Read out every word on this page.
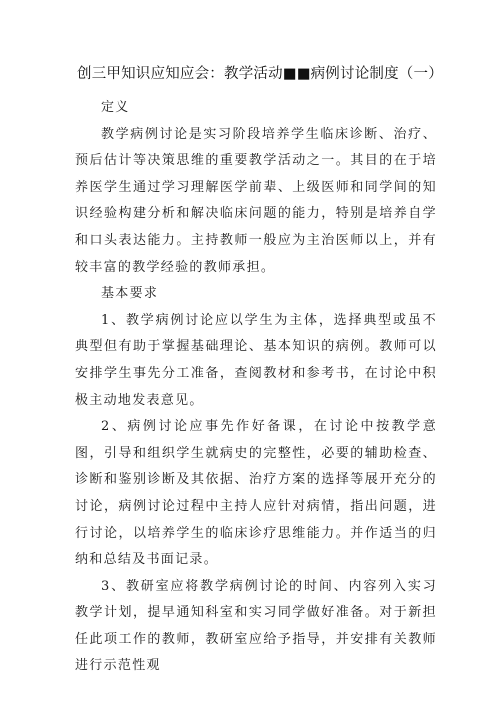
创三甲知识应知应会：教学活动■■病例讨论制度（一）

定义

教学病例讨论是实习阶段培养学生临床诊断、治疗、预后估计等决策思维的重要教学活动之一。其目的在于培养医学生通过学习理解医学前辈、上级医师和同学间的知识经验构建分析和解决临床问题的能力，特别是培养自学和口头表达能力。主持教师一般应为主治医师以上，并有较丰富的教学经验的教师承担。

基本要求

1、教学病例讨论应以学生为主体，选择典型或虽不典型但有助于掌握基础理论、基本知识的病例。教师可以安排学生事先分工准备，查阅教材和参考书，在讨论中积极主动地发表意见。

2、病例讨论应事先作好备课，在讨论中按教学意图，引导和组织学生就病史的完整性，必要的辅助检查、诊断和鉴别诊断及其依据、治疗方案的选择等展开充分的讨论，病例讨论过程中主持人应针对病情，指出问题，进行讨论，以培养学生的临床诊疗思维能力。并作适当的归纳和总结及书面记录。

3、教研室应将教学病例讨论的时间、内容列入实习教学计划，提早通知科室和实习同学做好准备。对于新担任此项工作的教师，教研室应给予指导，并安排有关教师进行示范性观
